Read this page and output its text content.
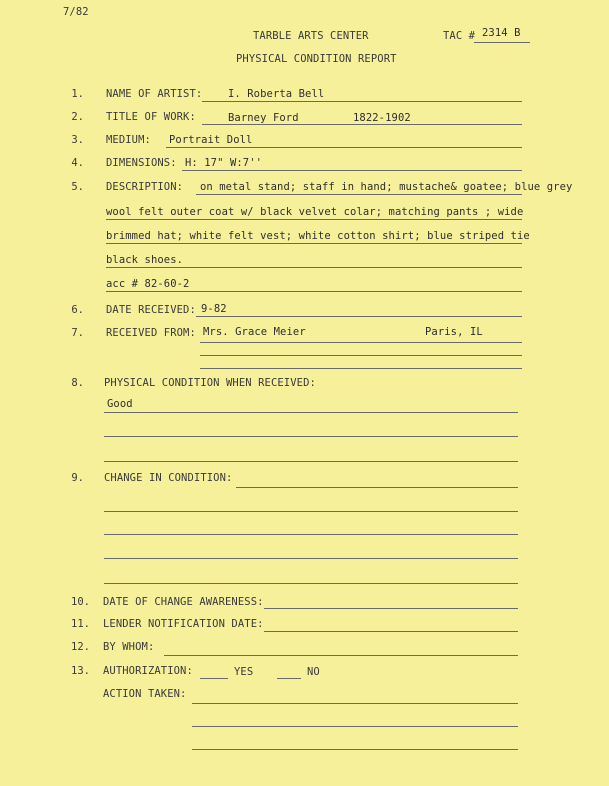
7/82
TARBLE ARTS CENTER
PHYSICAL CONDITION REPORT
TAC # 2314 B
1. NAME OF ARTIST: I. Roberta Bell
2. TITLE OF WORK:	Barney Ford	1822-1902
3. MEDIUM: Portrait Doll
4. DIMENSIONS: H: 17" W:7''
5. DESCRIPTION: on metal stand; staff in hand; mustache& goatee; blue grey
wool felt outer coat w/ black velvet colar; matching pants ; wide
brimmed hat; white felt vest; white cotton shirt; blue striped tie
black shoes.
acc # 82-60-2
6. DATE RECEIVED: 9-82
7. RECEIVED FROM: Mrs. Grace Meier	Paris, IL
8. PHYSICAL CONDITION WHEN RECEIVED:
Good
9. CHANGE IN CONDITION:
10. DATE OF CHANGE AWARENESS:
11. LENDER NOTIFICATION DATE:
12. BY WHOM:
13. AUTHORIZATION:	YES	NO
ACTION TAKEN:
